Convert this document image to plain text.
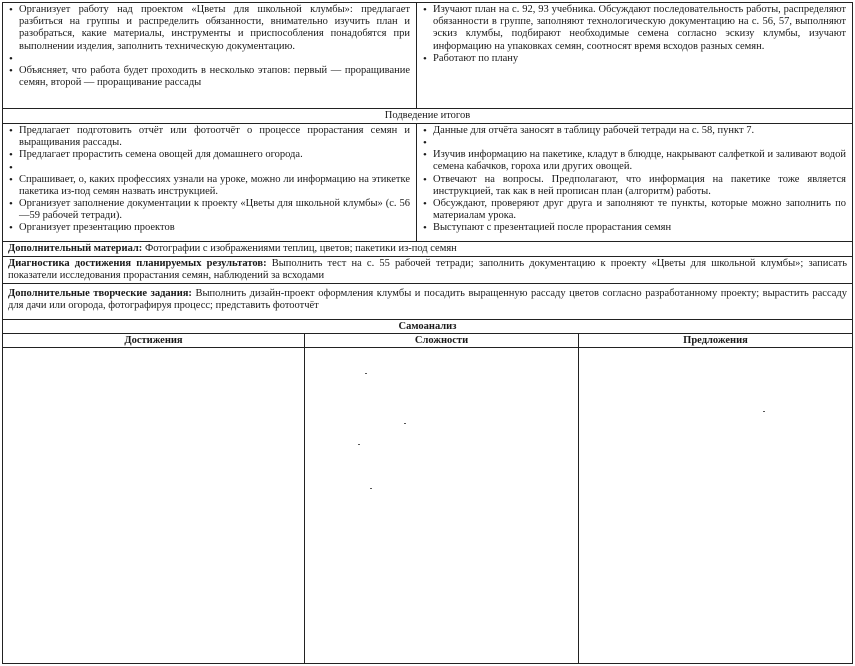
• Организует работу над проектом «Цветы для школьной клумбы»: предлагает разбиться на группы и распределить обязанности, внимательно изучить план и разобраться, какие материалы, инструменты и приспособления понадобятся при выполнении изделия, заполнить техническую документацию.
•
• Объясняет, что работа будет проходить в несколько этапов: первый — проращивание семян, второй — проращивание рассады
• Изучают план на с. 92, 93 учебника. Обсуждают последовательность работы, распределяют обязанности в группе, заполняют технологическую документацию на с. 56, 57, выполняют эскиз клумбы, подбирают необходимые семена согласно эскизу клумбы, изучают информацию на упаковках семян, соотносят время всходов разных семян.
• Работают по плану
Подведение итогов
• Предлагает подготовить отчёт или фотоотчёт о процессе прорастания семян и выращивания рассады.
• Предлагает прорастить семена овощей для домашнего огорода.
•
• Спрашивает, о, каких профессиях узнали на уроке, можно ли информацию на этикетке пакетика из-под семян назвать инструкцией.
• Организует заполнение документации к проекту «Цветы для школьной клумбы» (с. 56—59 рабочей тетради).
• Организует презентацию проектов
• Данные для отчёта заносят в таблицу рабочей тетради на с. 58, пункт 7.
•
• Изучив информацию на пакетике, кладут в блюдце, накрывают салфеткой и заливают водой семена кабачков, гороха или других овощей.
• Отвечают на вопросы. Предполагают, что информация на пакетике тоже является инструкцией, так как в ней прописан план (алгоритм) работы.
• Обсуждают, проверяют друг друга и заполняют те пункты, которые можно заполнить по материалам урока.
• Выступают с презентацией после прорастания семян
Дополнительный материал: Фотографии с изображениями теплиц, цветов; пакетики из-под семян
Диагностика достижения планируемых результатов: Выполнить тест на с. 55 рабочей тетради; заполнить документацию к проекту «Цветы для школьной клумбы»; записать показатели исследования прорастания семян, наблюдений за всходами
Дополнительные творческие задания: Выполнить дизайн-проект оформления клумбы и посадить выращенную рассаду цветов согласно разработанному проекту; вырастить рассаду для дачи или огорода, фотографируя процесс; представить фотоотчёт
Самоанализ
Достижения	Сложности	Предложения
